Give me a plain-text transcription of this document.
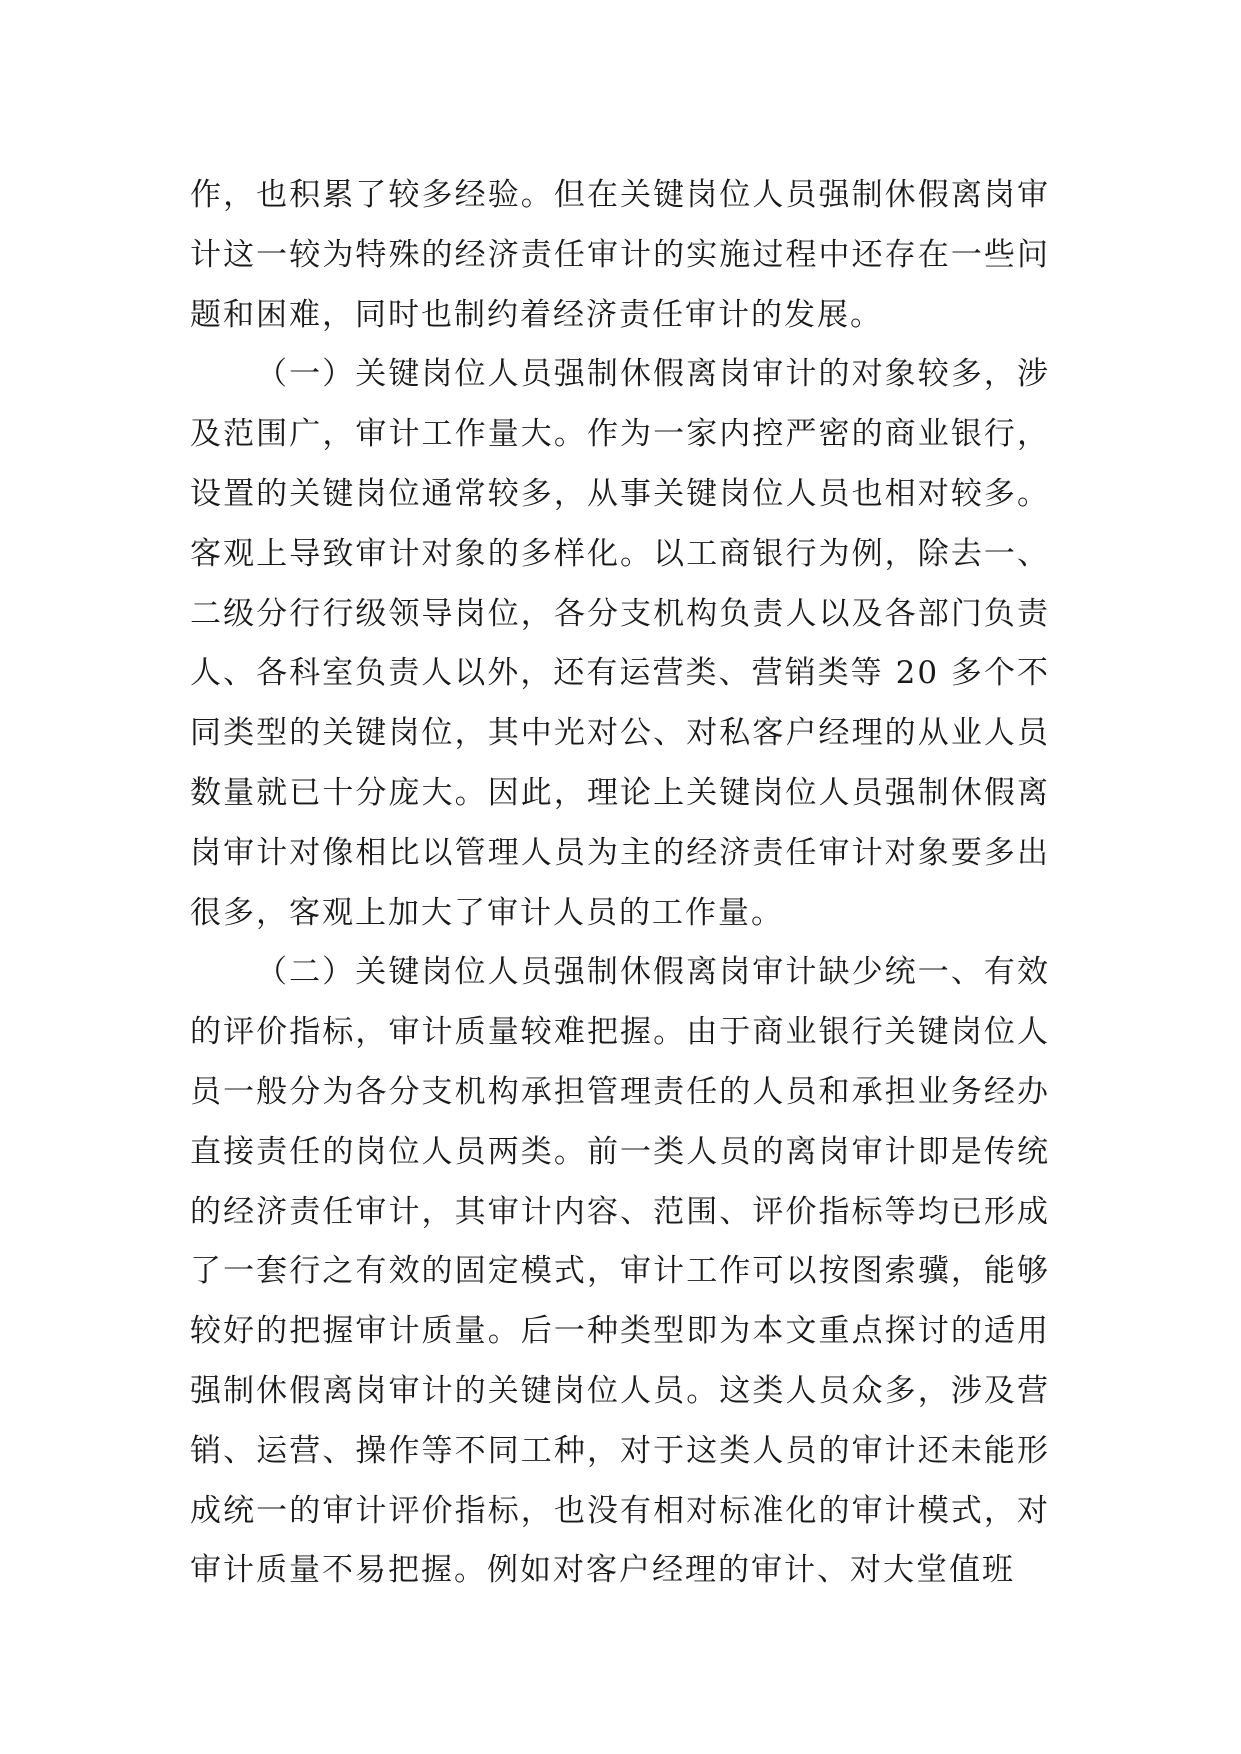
作，也积累了较多经验。但在关键岗位人员强制休假离岗审计这一较为特殊的经济责任审计的实施过程中还存在一些问题和困难，同时也制约着经济责任审计的发展。

（一）关键岗位人员强制休假离岗审计的对象较多，涉及范围广，审计工作量大。作为一家内控严密的商业银行，设置的关键岗位通常较多，从事关键岗位人员也相对较多。客观上导致审计对象的多样化。以工商银行为例，除去一、二级分行行级领导岗位，各分支机构负责人以及各部门负责人、各科室负责人以外，还有运营类、营销类等 20 多个不同类型的关键岗位，其中光对公、对私客户经理的从业人员数量就已十分庞大。因此，理论上关键岗位人员强制休假离岗审计对像相比以管理人员为主的经济责任审计对象要多出很多，客观上加大了审计人员的工作量。

（二）关键岗位人员强制休假离岗审计缺少统一、有效的评价指标，审计质量较难把握。由于商业银行关键岗位人员一般分为各分支机构承担管理责任的人员和承担业务经办直接责任的岗位人员两类。前一类人员的离岗审计即是传统的经济责任审计，其审计内容、范围、评价指标等均已形成了一套行之有效的固定模式，审计工作可以按图索骥，能够较好的把握审计质量。后一种类型即为本文重点探讨的适用强制休假离岗审计的关键岗位人员。这类人员众多，涉及营销、运营、操作等不同工种，对于这类人员的审计还未能形成统一的审计评价指标，也没有相对标准化的审计模式，对审计质量不易把握。例如对客户经理的审计、对大堂值班
